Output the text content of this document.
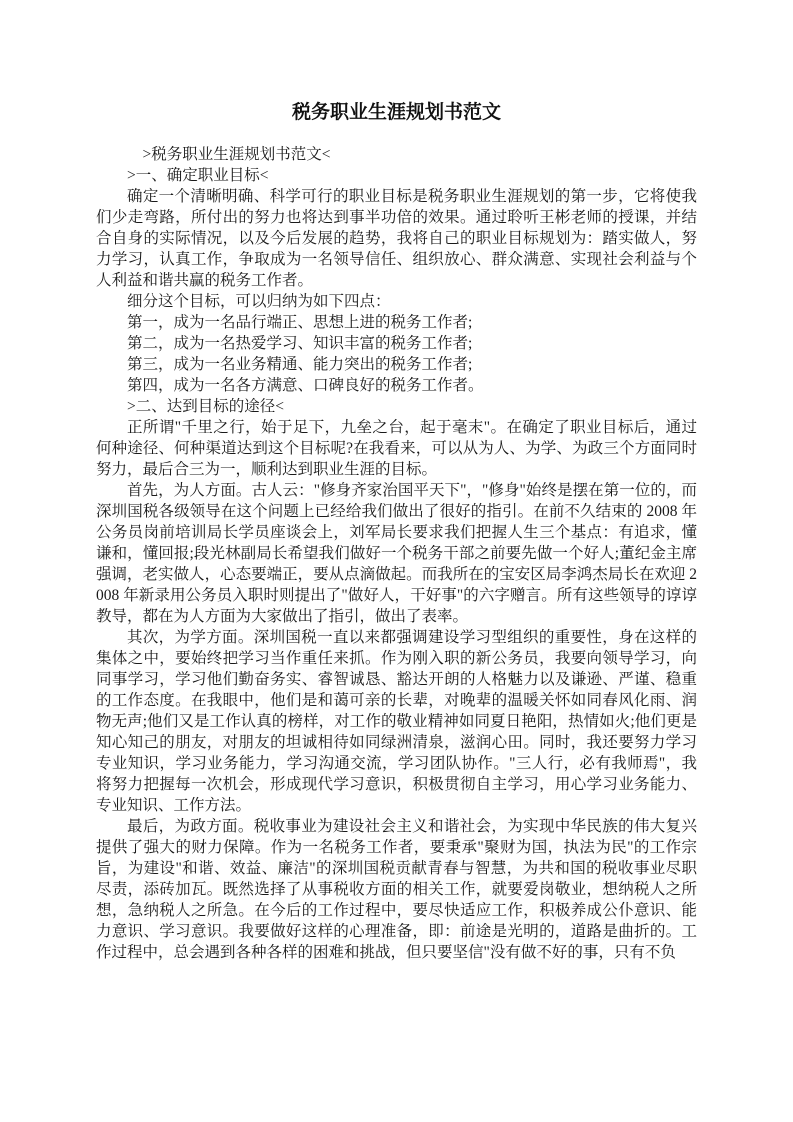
税务职业生涯规划书范文

>税务职业生涯规划书范文<

>一、确定职业目标<

确定一个清晰明确、科学可行的职业目标是税务职业生涯规划的第一步，它将使我们少走弯路，所付出的努力也将达到事半功倍的效果。通过聆听王彬老师的授课，并结合自身的实际情况，以及今后发展的趋势，我将自己的职业目标规划为：踏实做人，努力学习，认真工作，争取成为一名领导信任、组织放心、群众满意、实现社会利益与个人利益和谐共赢的税务工作者。

细分这个目标，可以归纳为如下四点：

第一，成为一名品行端正、思想上进的税务工作者;

第二，成为一名热爱学习、知识丰富的税务工作者;

第三，成为一名业务精通、能力突出的税务工作者;

第四，成为一名各方满意、口碑良好的税务工作者。

>二、达到目标的途径<

正所谓"千里之行，始于足下，九垒之台，起于毫末"。在确定了职业目标后，通过何种途径、何种渠道达到这个目标呢?在我看来，可以从为人、为学、为政三个方面同时努力，最后合三为一，顺利达到职业生涯的目标。

首先，为人方面。古人云："修身齐家治国平天下"，"修身"始终是摆在第一位的，而深圳国税各级领导在这个问题上已经给我们做出了很好的指引。在前不久结束的 2008 年公务员岗前培训局长学员座谈会上，刘军局长要求我们把握人生三个基点：有追求，懂谦和，懂回报;段光林副局长希望我们做好一个税务干部之前要先做一个好人;董纪金主席强调，老实做人，心态要端正，要从点滴做起。而我所在的宝安区局李鸿杰局长在欢迎 2008 年新录用公务员入职时则提出了"做好人，干好事"的六字赠言。所有这些领导的谆谆教导，都在为人方面为大家做出了指引，做出了表率。

其次，为学方面。深圳国税一直以来都强调建设学习型组织的重要性，身在这样的集体之中，要始终把学习当作重任来抓。作为刚入职的新公务员，我要向领导学习，向同事学习，学习他们勤奋务实、睿智诚恳、豁达开朗的人格魅力以及谦逊、严谨、稳重的工作态度。在我眼中，他们是和蔼可亲的长辈，对晚辈的温暖关怀如同春风化雨、润物无声;他们又是工作认真的榜样，对工作的敬业精神如同夏日艳阳，热情如火;他们更是知心知己的朋友，对朋友的坦诚相待如同绿洲清泉，滋润心田。同时，我还要努力学习专业知识，学习业务能力，学习沟通交流，学习团队协作。"三人行，必有我师焉"，我将努力把握每一次机会，形成现代学习意识，积极贯彻自主学习，用心学习业务能力、专业知识、工作方法。

最后，为政方面。税收事业为建设社会主义和谐社会，为实现中华民族的伟大复兴提供了强大的财力保障。作为一名税务工作者，要秉承"聚财为国，执法为民"的工作宗旨，为建设"和谐、效益、廉洁"的深圳国税贡献青春与智慧，为共和国的税收事业尽职尽责，添砖加瓦。既然选择了从事税收方面的相关工作，就要爱岗敬业，想纳税人之所想，急纳税人之所急。在今后的工作过程中，要尽快适应工作，积极养成公仆意识、能力意识、学习意识。我要做好这样的心理准备，即：前途是光明的，道路是曲折的。工作过程中，总会遇到各种各样的困难和挑战，但只要坚信"没有做不好的事，只有不负
